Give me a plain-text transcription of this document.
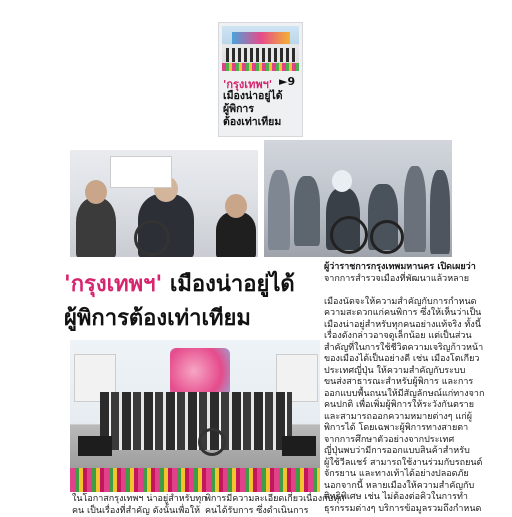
'กรุงเทพฯ' ►9
เมืองน่าอยู่ได้
ผู้พิการ
ต้องเท่าเทียม
'กรุงเทพฯ' เมืองน่าอยู่ได้
ผู้พิการต้องเท่าเทียม
ผู้ว่าราชการกรุงเทพมหานคร เปิดเผยว่า
จากการสำรวจเมืองที่พัฒนาแล้วหลาย

เมืองนัดจะให้ความสำคัญกับการกำหนด
ความสะดวกแก่คนพิการ ซึ่งให้เห็นว่าเป็น
เมืองน่าอยู่สำหรับทุกคนอย่างแท้จริง ทั้งนี้
เรื่องดังกล่าวอาจดูเล็กน้อย แต่เป็นส่วน
สำคัญที่ในการใช้ชีวิตความเจริญก้าวหน้า
ของเมืองได้เป็นอย่างดี เช่น เมืองโตเกียว
ประเทศญี่ปุ่น ให้ความสำคัญกับระบบ
ขนส่งสาธารณะสำหรับผู้พิการ และการ
ออกแบบพื้นถนนให้มีสัญลักษณ์แก่ทางจาก
คนปกติ เพื่อเพิ่มผู้พิการให้ระวังกันตราย
และสามารถออกความหมายต่างๆ แก่ผู้
พิการได้ โดยเฉพาะผู้พิการทางสายตา
จากการศึกษาตัวอย่างจากประเทศ
ญี่ปุ่นพบว่ามีการออกแบบสินค้าสำหรับ
ผู้ใช้วีลแชร์ สามารถใช้งานร่วมกับรถยนต์
จักรยาน และทางเท้าได้อย่างปลอดภัย
นอกจากนี้ หลายเมืองให้ความสำคัญกับ
สิทธิพิเศษ เช่น ไม่ต้องต่อคิวในการทำ
ธุรกรรมต่างๆ บริการข้อมูลรวมถึงกำหนด
ในโอกาสกรุงเทพฯ น่าอยู่สำหรับทุก
คน เป็นเรื่องที่สำคัญ ดังนั้นเพื่อให้
พิการมีความละเอียดเกี่ยวเนื่องกับทุก
คนได้รับการ ซึ่งดำเนินการ
